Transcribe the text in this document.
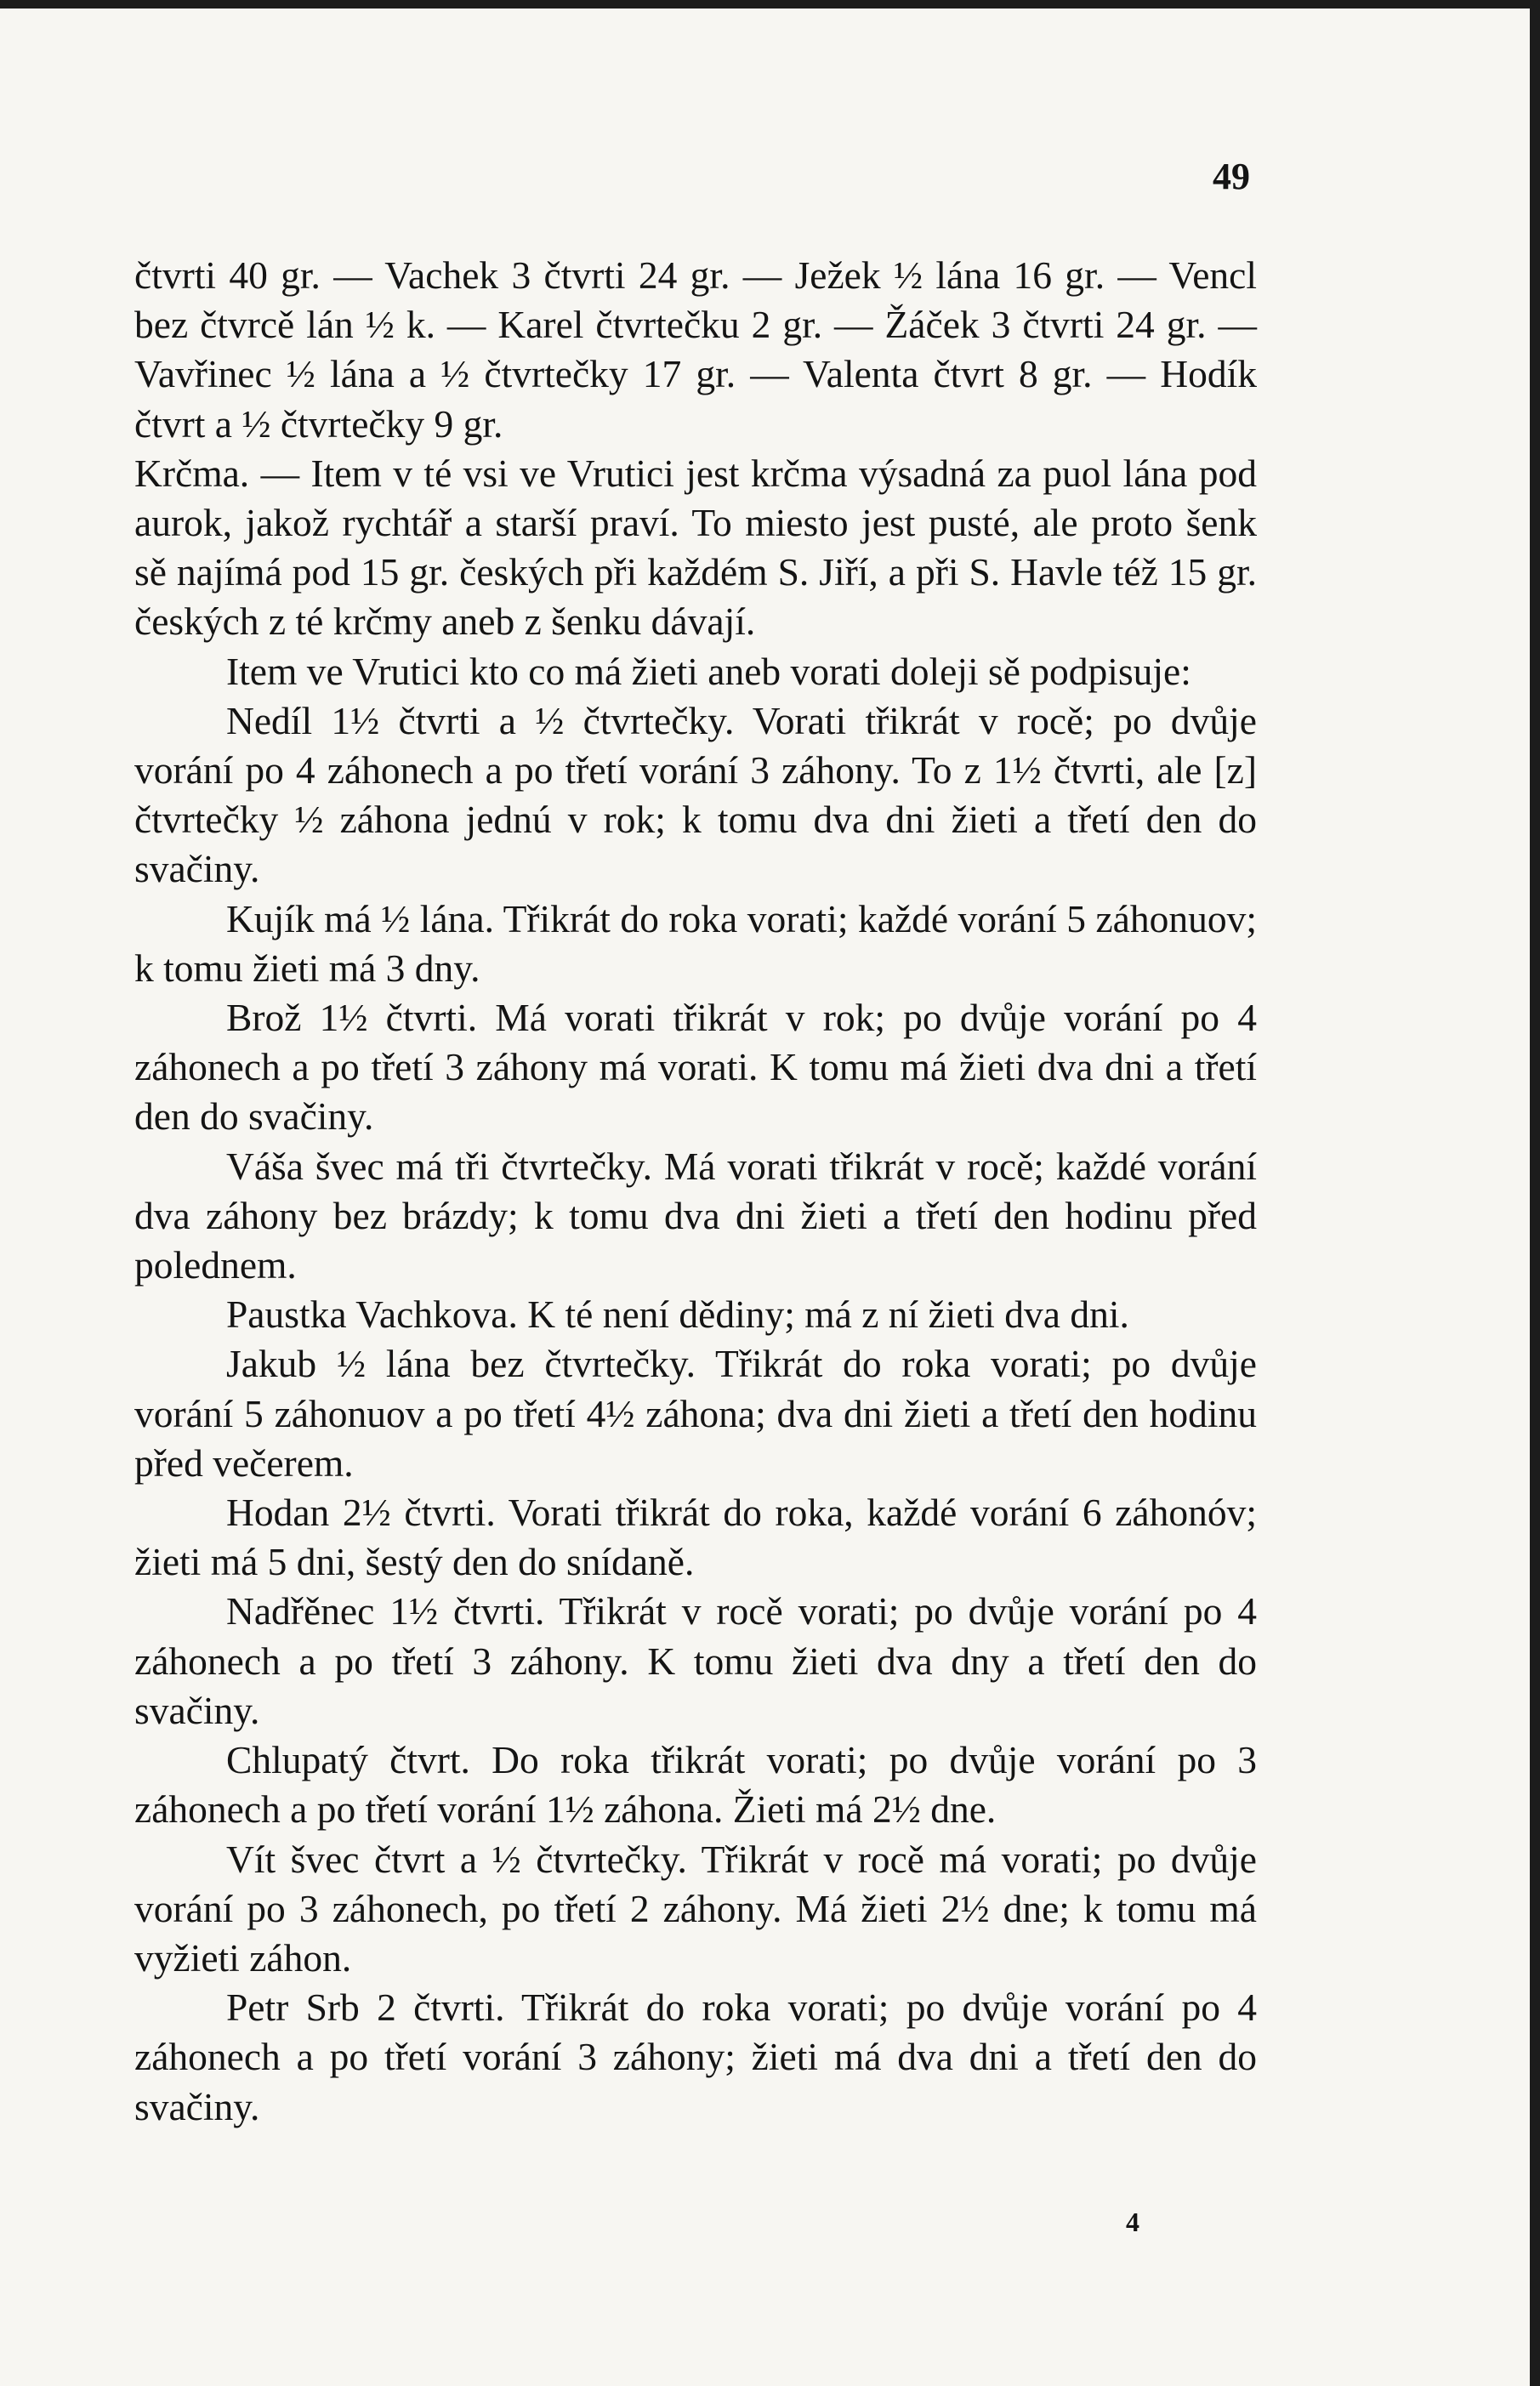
49

čtvrti 40 gr. — Vachek 3 čtvrti 24 gr. — Ježek ½ lána 16 gr. — Vencl bez čtvrcě lán ½ k. — Karel čtvrtečku 2 gr. — Žáček 3 čtvrti 24 gr. — Vavřinec ½ lána a ½ čtvrtečky 17 gr. — Valenta čtvrt 8 gr. — Hodík čtvrt a ½ čtvrtečky 9 gr.

Krčma. — Item v té vsi ve Vrutici jest krčma výsadná za puol lána pod aurok, jakož rychtář a starší praví. To miesto jest pusté, ale proto šenk sě najímá pod 15 gr. českých při každém S. Jiří, a při S. Havle též 15 gr. českých z té krčmy aneb z šenku dávají.

Item ve Vrutici kto co má žieti aneb vorati doleji sě podpisuje:

Nedíl 1½ čtvrti a ½ čtvrtečky. Vorati třikrát v rocě; po dvůje vorání po 4 záhonech a po třetí vorání 3 záhony. To z 1½ čtvrti, ale [z] čtvrtečky ½ záhona jednú v rok; k tomu dva dni žieti a třetí den do svačiny.

Kujík má ½ lána. Třikrát do roka vorati; každé vorání 5 záhonuov; k tomu žieti má 3 dny.

Brož 1½ čtvrti. Má vorati třikrát v rok; po dvůje vorání po 4 záhonech a po třetí 3 záhony má vorati. K tomu má žieti dva dni a třetí den do svačiny.

Váša švec má tři čtvrtečky. Má vorati třikrát v rocě; každé vorání dva záhony bez brázdy; k tomu dva dni žieti a třetí den hodinu před polednem.

Paustka Vachkova. K té není dědiny; má z ní žieti dva dni.

Jakub ½ lána bez čtvrtečky. Třikrát do roka vorati; po dvůje vorání 5 záhonuov a po třetí 4½ záhona; dva dni žieti a třetí den hodinu před večerem.

Hodan 2½ čtvrti. Vorati třikrát do roka, každé vorání 6 záhonóv; žieti má 5 dni, šestý den do snídaně.

Nadřěnec 1½ čtvrti. Třikrát v rocě vorati; po dvůje vorání po 4 záhonech a po třetí 3 záhony. K tomu žieti dva dny a třetí den do svačiny.

Chlupatý čtvrt. Do roka třikrát vorati; po dvůje vorání po 3 záhonech a po třetí vorání 1½ záhona. Žieti má 2½ dne.

Vít švec čtvrt a ½ čtvrtečky. Třikrát v rocě má vorati; po dvůje vorání po 3 záhonech, po třetí 2 záhony. Má žieti 2½ dne; k tomu má vyžieti záhon.

Petr Srb 2 čtvrti. Třikrát do roka vorati; po dvůje vorání po 4 záhonech a po třetí vorání 3 záhony; žieti má dva dni a třetí den do svačiny.

4
